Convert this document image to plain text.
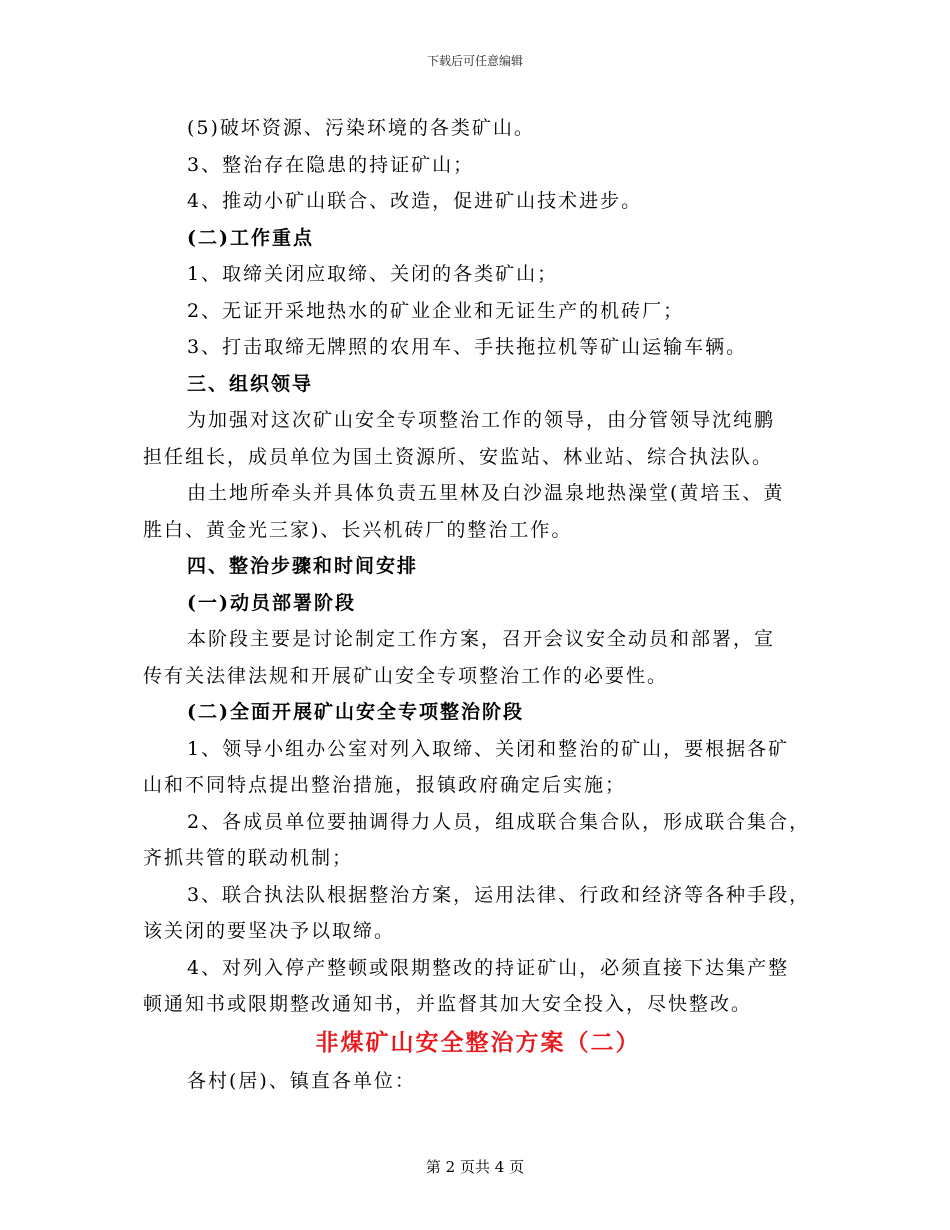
下载后可任意编辑

(5)破坏资源、污染环境的各类矿山。

3、整治存在隐患的持证矿山；

4、推动小矿山联合、改造，促进矿山技术进步。

(二)工作重点

1、取缔关闭应取缔、关闭的各类矿山；

2、无证开采地热水的矿业企业和无证生产的机砖厂；

3、打击取缔无牌照的农用车、手扶拖拉机等矿山运输车辆。

三、组织领导

为加强对这次矿山安全专项整治工作的领导，由分管领导沈纯鹏

担任组长，成员单位为国土资源所、安监站、林业站、综合执法队。

由土地所牵头并具体负责五里林及白沙温泉地热澡堂(黄培玉、黄

胜白、黄金光三家)、长兴机砖厂的整治工作。

四、整治步骤和时间安排

(一)动员部署阶段

本阶段主要是讨论制定工作方案，召开会议安全动员和部署，宣

传有关法律法规和开展矿山安全专项整治工作的必要性。

(二)全面开展矿山安全专项整治阶段

1、领导小组办公室对列入取缔、关闭和整治的矿山，要根据各矿

山和不同特点提出整治措施，报镇政府确定后实施；

2、各成员单位要抽调得力人员，组成联合集合队，形成联合集合，

齐抓共管的联动机制；

3、联合执法队根据整治方案，运用法律、行政和经济等各种手段，

该关闭的要坚决予以取缔。

4、对列入停产整顿或限期整改的持证矿山，必须直接下达集产整

顿通知书或限期整改通知书，并监督其加大安全投入，尽快整改。

非煤矿山安全整治方案（二）

各村(居)、镇直各单位：

第 2 页共 4 页
